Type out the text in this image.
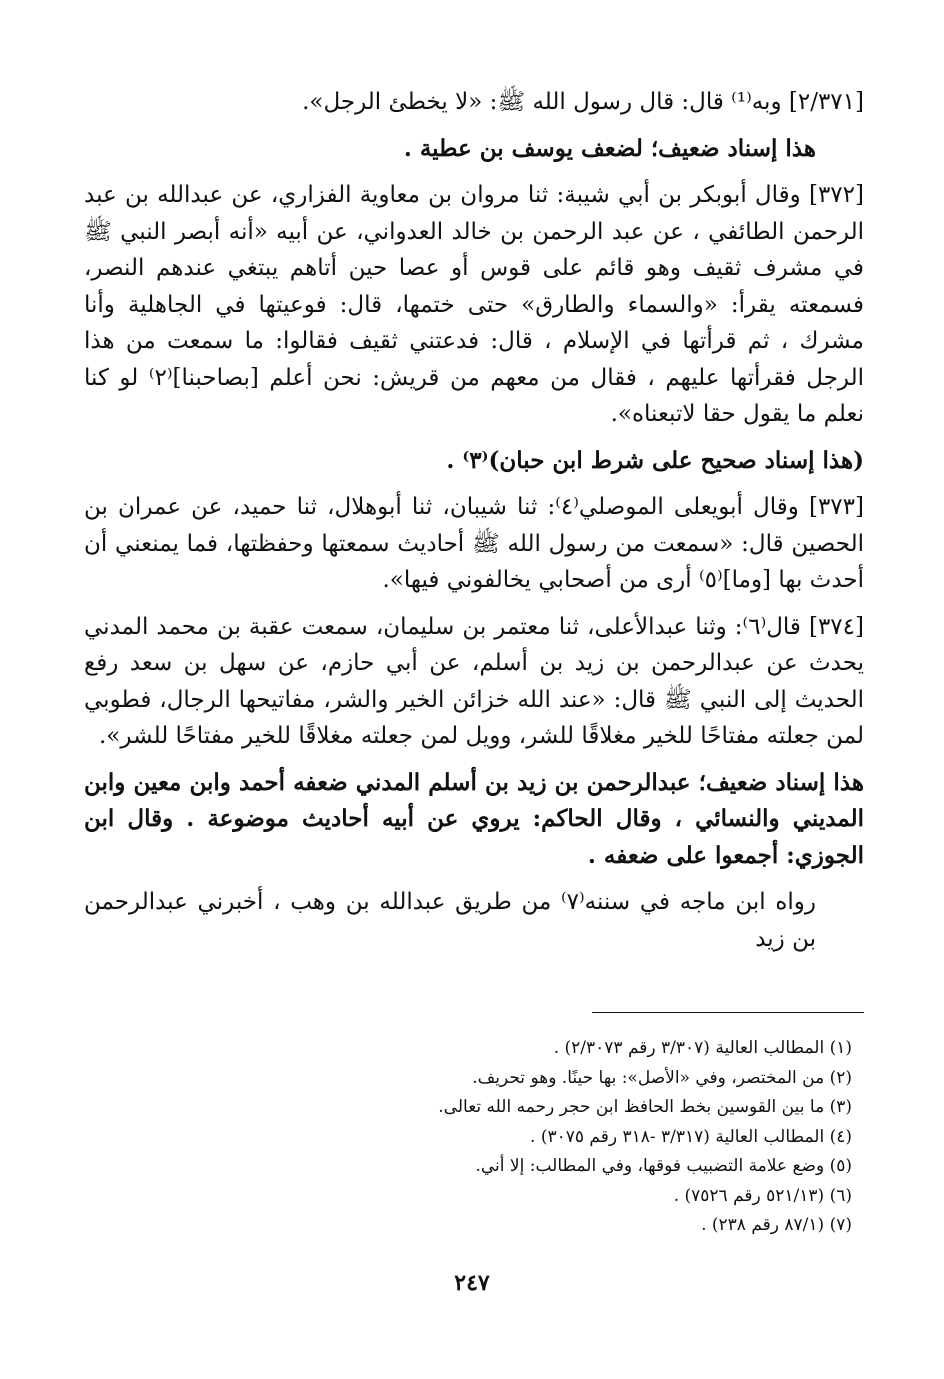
[٢/٣٧١] وبه⁽¹⁾ قال: قال رسول الله ﷺ: «لا يخطئ الرجل».

هذا إسناد ضعيف؛ لضعف يوسف بن عطية .

[٣٧٢] وقال أبوبكر بن أبي شيبة: ثنا مروان بن معاوية الفزاري، عن عبدالله بن عبد الرحمن الطائفي ، عن عبد الرحمن بن خالد العدواني، عن أبيه «أنه أبصر النبي ﷺ في مشرف ثقيف وهو قائم على قوس أو عصا حين أتاهم يبتغي عندهم النصر، فسمعته يقرأ: «والسماء والطارق» حتى ختمها، قال: فوعيتها في الجاهلية وأنا مشرك ، ثم قرأتها في الإسلام ، قال: فدعتني ثقيف فقالوا: ما سمعت من هذا الرجل فقرأتها عليهم ، فقال من معهم من قريش: نحن أعلم [بصاحبنا]⁽٢⁾ لو كنا نعلم ما يقول حقا لاتبعناه».

(هذا إسناد صحيح على شرط ابن حبان)⁽٣⁾ .

[٣٧٣] وقال أبويعلى الموصلي⁽٤⁾: ثنا شيبان، ثنا أبوهلال، ثنا حميد، عن عمران بن الحصين قال: «سمعت من رسول الله ﷺ أحاديث سمعتها وحفظتها، فما يمنعني أن أحدث بها [وما]⁽٥⁾ أرى من أصحابي يخالفوني فيها».

[٣٧٤] قال⁽٦⁾: وثنا عبدالأعلى، ثنا معتمر بن سليمان، سمعت عقبة بن محمد المدني يحدث عن عبدالرحمن بن زيد بن أسلم، عن أبي حازم، عن سهل بن سعد رفع الحديث إلى النبي ﷺ قال: «عند الله خزائن الخير والشر، مفاتيحها الرجال، فطوبي لمن جعلته مفتاحًا للخير مغلاقًا للشر، وويل لمن جعلته مغلاقًا للخير مفتاحًا للشر».

هذا إسناد ضعيف؛ عبدالرحمن بن زيد بن أسلم المدني ضعفه أحمد وابن معين وابن المديني والنسائي ، وقال الحاكم: يروي عن أبيه أحاديث موضوعة . وقال ابن الجوزي: أجمعوا على ضعفه .

رواه ابن ماجه في سننه⁽٧⁾ من طريق عبدالله بن وهب ، أخبرني عبدالرحمن بن زيد

(١) المطالب العالية (٣/٣٠٧ رقم ٢/٣٠٧٣) .
(٢) من المختصر، وفي «الأصل»: بها حينًا. وهو تحريف.
(٣) ما بين القوسين بخط الحافظ ابن حجر رحمه الله تعالى.
(٤) المطالب العالية (٣/٣١٧ -٣١٨ رقم ٣٠٧٥) .
(٥) وضع علامة التضبيب فوقها، وفي المطالب: إلا أني.
(٦) (٥٢١/١٣ رقم ٧٥٢٦) .
(٧) (٨٧/١ رقم ٢٣٨) .
٢٤٧
